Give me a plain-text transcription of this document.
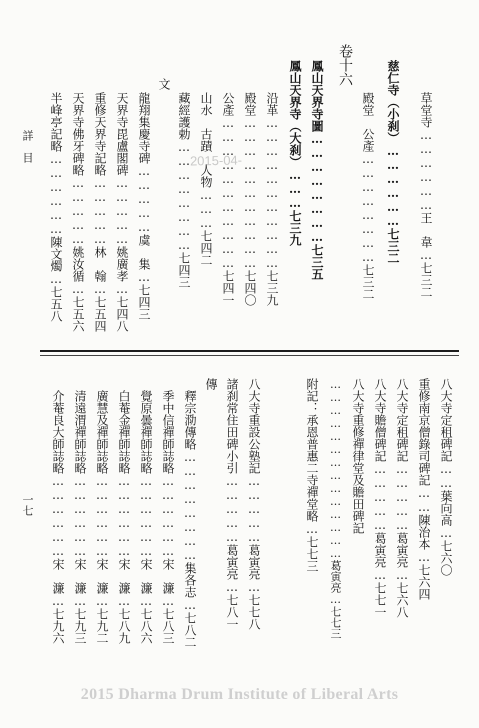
草堂寺………………王　韋…七三二
慈仁寺（小刹）………………七三二
殿堂　公產……………………七三二
卷十六
鳳山天界寺圖……………………七三五
鳳山天界寺（大刹）………七三九
沿革……………………………七三九
殿堂……………………………七四〇
公產……………………………七四一
山水　古蹟　人物………七四二
藏經護勅……………………七四三
文
龍翔集慶寺碑……………虞　集…七四三
天界寺毘盧閣碑……………姚廣孝…七四八
重修天界寺記略……………林　翰…七五四
天界寺佛牙碑略……………姚汝循…七五六
半峰亭記略………………陳文燭…七五八	2015-04-
八大寺定租碑記……葉向高…七六〇
重修南京僧錄司碑記……陳治本…七六四
八大寺定租碑記……………葛寅亮…七六八
八大寺贍僧碑記……………葛寅亮…七七一
八大寺重修禪律堂及贍田碑記
……………………………………葛寅亮…七七三
附記：承恩普惠二寺禪堂略…七七三
八大寺重設公塾記……………葛寅亮…七七八
諸刹常住田碑小引……………葛寅亮…七八一
傳
釋宗泐傳略……………………集各志…七八二
季中信禪師誌略………………宋　濂…七八三
覺原曇禪師誌略………………宋　濂…七八六
白菴金禪師誌略………………宋　濂…七八九
廣慧及禪師誌略………………宋　濂…七九二
清遠渭禪師誌略………………宋　濂…七九三
介菴良大師誌略………………宋　濂…七九六
詳　目
一七
2015 Dharma Drum Institute of Liberal Arts
